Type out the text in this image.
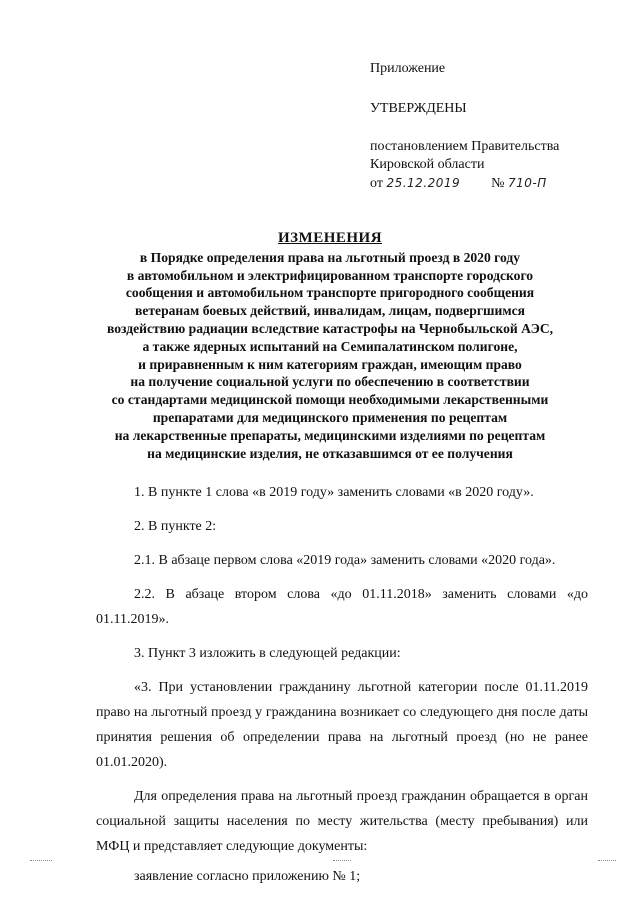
Приложение
УТВЕРЖДЕНЫ
постановлением Правительства
Кировской области
от 25.12.2019 № 710-П
ИЗМЕНЕНИЯ
в Порядке определения права на льготный проезд в 2020 году
в автомобильном и электрифицированном транспорте городского
сообщения и автомобильном транспорте пригородного сообщения
ветеранам боевых действий, инвалидам, лицам, подвергшимся
воздействию радиации вследствие катастрофы на Чернобыльской АЭС,
а также ядерных испытаний на Семипалатинском полигоне,
и приравненным к ним категориям граждан, имеющим право
на получение социальной услуги по обеспечению в соответствии
со стандартами медицинской помощи необходимыми лекарственными
препаратами для медицинского применения по рецептам
на лекарственные препараты, медицинскими изделиями по рецептам
на медицинские изделия, не отказавшимся от ее получения

1. В пункте 1 слова «в 2019 году» заменить словами «в 2020 году».

2. В пункте 2:

2.1. В абзаце первом слова «2019 года» заменить словами «2020 года».

2.2. В абзаце втором слова «до 01.11.2018» заменить словами «до 01.11.2019».

3. Пункт 3 изложить в следующей редакции:

«3. При установлении гражданину льготной категории после 01.11.2019 право на льготный проезд у гражданина возникает со следующего дня после даты принятия решения об определении права на льготный проезд (но не ранее 01.01.2020).

Для определения права на льготный проезд гражданин обращается в орган социальной защиты населения по месту жительства (месту пребывания) или МФЦ и представляет следующие документы:

заявление согласно приложению № 1;
